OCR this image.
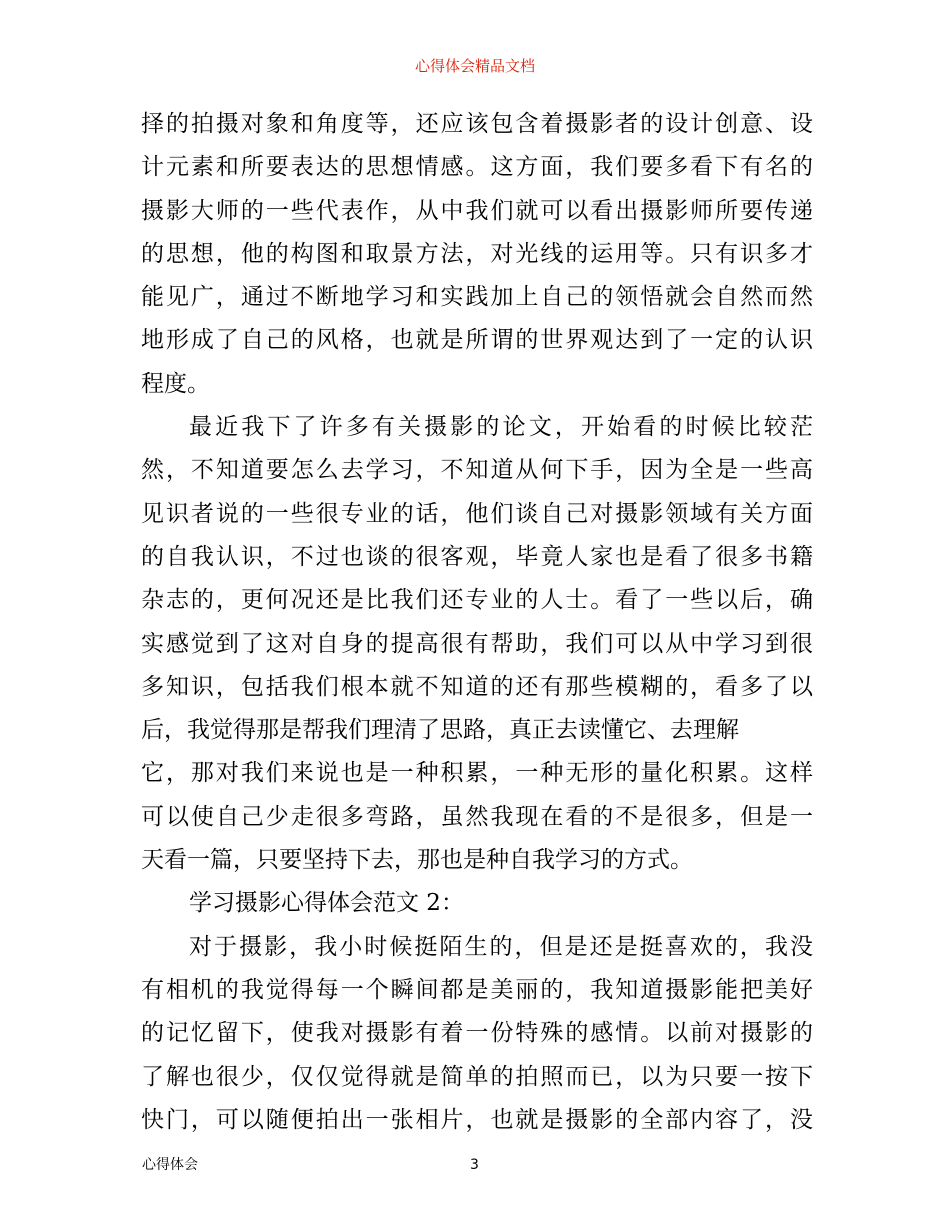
心得体会精品文档
择的拍摄对象和角度等，还应该包含着摄影者的设计创意、设
计元素和所要表达的思想情感。这方面，我们要多看下有名的
摄影大师的一些代表作，从中我们就可以看出摄影师所要传递
的思想，他的构图和取景方法，对光线的运用等。只有识多才
能见广，通过不断地学习和实践加上自己的领悟就会自然而然
地形成了自己的风格，也就是所谓的世界观达到了一定的认识
程度。
最近我下了许多有关摄影的论文，开始看的时候比较茫
然，不知道要怎么去学习，不知道从何下手，因为全是一些高
见识者说的一些很专业的话，他们谈自己对摄影领域有关方面
的自我认识，不过也谈的很客观，毕竟人家也是看了很多书籍
杂志的，更何况还是比我们还专业的人士。看了一些以后，确
实感觉到了这对自身的提高很有帮助，我们可以从中学习到很
多知识，包括我们根本就不知道的还有那些模糊的，看多了以
后，我觉得那是帮我们理清了思路，真正去读懂它、去理解
它，那对我们来说也是一种积累，一种无形的量化积累。这样
可以使自己少走很多弯路，虽然我现在看的不是很多，但是一
天看一篇，只要坚持下去，那也是种自我学习的方式。
学习摄影心得体会范文 2：
对于摄影，我小时候挺陌生的，但是还是挺喜欢的，我没
有相机的我觉得每一个瞬间都是美丽的，我知道摄影能把美好
的记忆留下，使我对摄影有着一份特殊的感情。以前对摄影的
了解也很少，仅仅觉得就是简单的拍照而已，以为只要一按下
快门，可以随便拍出一张相片，也就是摄影的全部内容了，没
心得体会	3
